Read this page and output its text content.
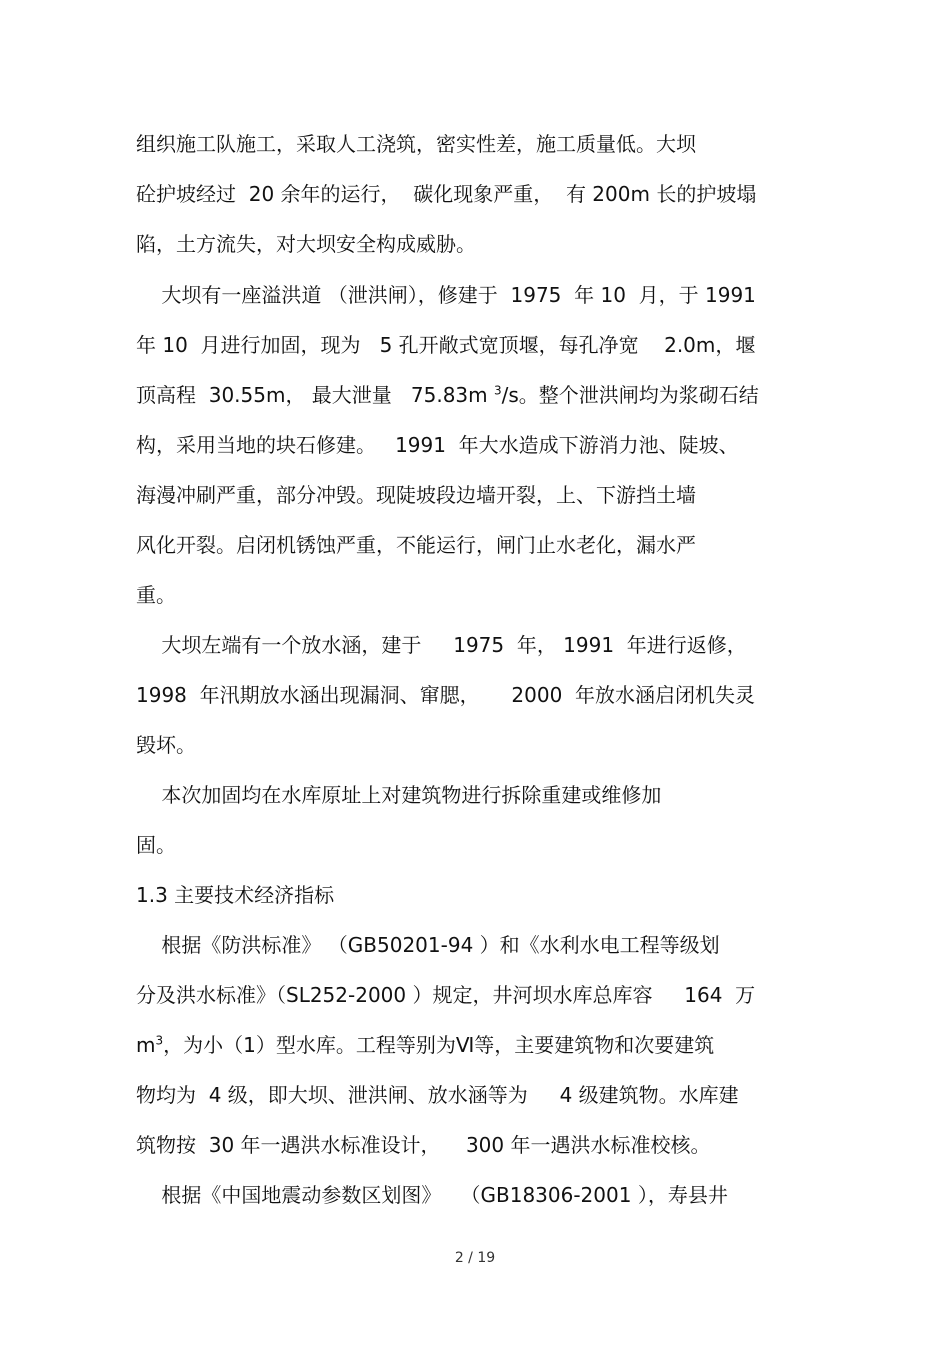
组织施工队施工，采取人工浇筑，密实性差，施工质量低。大坝

砼护坡经过  20 余年的运行，  碳化现象严重，  有 200m 长的护坡塌

陷，土方流失，对大坝安全构成威胁。

大坝有一座溢洪道 （泄洪闸），修建于  1975  年 10  月，于 1991

年 10  月进行加固，现为   5 孔开敞式宽顶堰，每孔净宽    2.0m，堰

顶高程  30.55m， 最大泄量   75.83m $^3$/s。整个泄洪闸均为浆砌石结

构，采用当地的块石修建。   1991  年大水造成下游消力池、陡坡、

海漫冲刷严重，部分冲毁。现陡坡段边墙开裂，上、下游挡土墙

风化开裂。启闭机锈蚀严重，不能运行，闸门止水老化，漏水严

重。

大坝左端有一个放水涵，建于     1975  年， 1991  年进行返修，

1998  年汛期放水涵出现漏洞、窜腮，     2000  年放水涵启闭机失灵

毁坏。

本次加固均在水库原址上对建筑物进行拆除重建或维修加

固。

1.3 主要技术经济指标

根据《防洪标准》 （GB50201-94 ）和《水利水电工程等级划

分及洪水标准》（SL252-2000 ）规定，井河坝水库总库容     164  万

$m^3$，为小（1）型水库。工程等别为Ⅵ等，主要建筑物和次要建筑

物均为  4 级，即大坝、泄洪闸、放水涵等为     4 级建筑物。水库建

筑物按  30 年一遇洪水标准设计，    300 年一遇洪水标准校核。

根据《中国地震动参数区划图》   （GB18306-2001 ），寿县井

2 / 19
